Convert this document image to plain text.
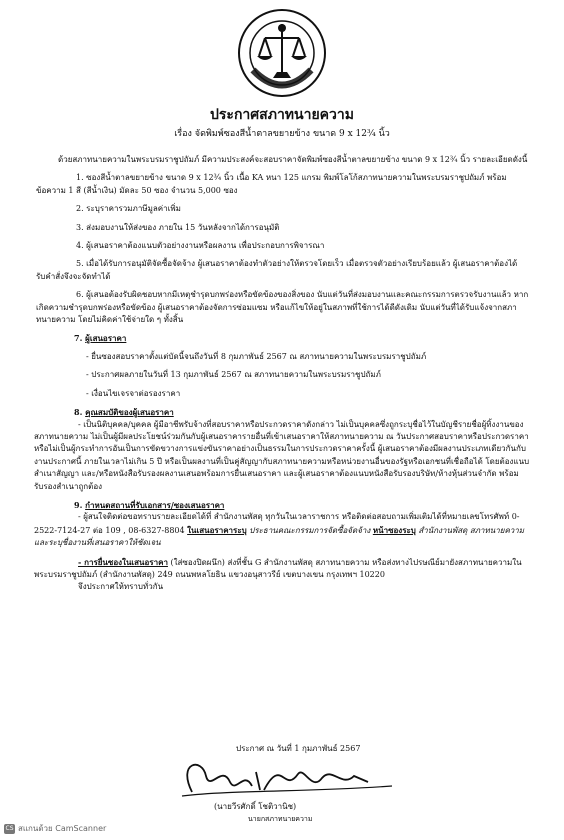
ประกาศสภาทนายความ
เรื่อง จัดพิมพ์ซองสีน้ำตาลขยายข้าง ขนาด 9 x 12¾ นิ้ว

ด้วยสภาทนายความในพระบรมราชูปถัมภ์ มีความประสงค์จะสอบราคาจัดพิมพ์ซองสีน้ำตาลขยายข้าง ขนาด 9 x 12¾ นิ้ว รายละเอียดดังนี้

1. ซองสีน้ำตาลขยายข้าง ขนาด 9 x 12¾ นิ้ว เนื้อ KA หนา 125 แกรม พิมพ์โลโก้สภาทนายความในพระบรมราชูปถัมภ์ พร้อมข้อความ 1 สี (สีน้ำเงิน) มัดละ 50 ซอง จำนวน 5,000 ซอง

2. ระบุราคารวมภาษีมูลค่าเพิ่ม

3. ส่งมอบงานให้ส่งของ ภายใน 15 วันหลังจากได้การอนุมัติ

4. ผู้เสนอราคาต้องแนบตัวอย่างงานหรือผลงาน เพื่อประกอบการพิจารณา

5. เมื่อได้รับการอนุมัติจัดซื้อจัดจ้าง ผู้เสนอราคาต้องทำตัวอย่างให้ตรวจโดยเร็ว เมื่อตรวจตัวอย่างเรียบร้อยแล้ว ผู้เสนอราคาต้องได้รับคำสั่งจึงจะจัดทำได้

6. ผู้เสนอต้องรับผิดชอบหากมีเหตุชำรุดบกพร่องหรือขัดข้องของสิ่งของ นับแต่วันที่ส่งมอบงานและคณะกรรมการตรวจรับงานแล้ว หากเกิดความชำรุดบกพร่องหรือขัดข้อง ผู้เสนอราคาต้องจัดการซ่อมแซม หรือแก้ไขให้อยู่ในสภาพที่ใช้การได้ดีดังเดิม นับแต่วันที่ได้รับแจ้งจากสภาทนายความ โดยไม่คิดค่าใช้จ่ายใด ๆ ทั้งสิ้น

7. ผู้เสนอราคา

- ยื่นซองสอบราคาตั้งแต่บัดนี้จนถึงวันที่ 8 กุมภาพันธ์ 2567 ณ สภาทนายความในพระบรมราชูปถัมภ์

- ประกาศผลภายในวันที่ 13 กุมภาพันธ์ 2567 ณ สภาทนายความในพระบรมราชูปถัมภ์

- เงื่อนไขเจรจาต่อรองราคา

8. คุณสมบัติของผู้เสนอราคา

- เป็นนิติบุคคล/บุคคล ผู้มีอาชีพรับจ้างที่สอบราคาหรือประกวดราคาดังกล่าว ไม่เป็นบุคคลซึ่งถูกระบุชื่อไว้ในบัญชีรายชื่อผู้ทิ้งงานของสภาทนายความ ไม่เป็นผู้มีผลประโยชน์ร่วมกันกับผู้เสนอราคารายอื่นที่เข้าเสนอราคาให้สภาทนายความ ณ วันประกาศสอบราคาหรือประกวดราคา หรือไม่เป็นผู้กระทำการอันเป็นการขัดขวางการแข่งขันราคาอย่างเป็นธรรมในการประกวดราคาครั้งนี้ ผู้เสนอราคาต้องมีผลงานประเภทเดียวกันกับงานประกาศนี้ ภายในเวลาไม่เกิน 5 ปี หรือเป็นผลงานที่เป็นคู่สัญญากับสภาทนายความหรือหน่วยงานอื่นของรัฐหรือเอกชนที่เชื่อถือได้ โดยต้องแนบสำเนาสัญญา และ/หรือหนังสือรับรองผลงานเสนอพร้อมการยื่นเสนอราคา และผู้เสนอราคาต้องแนบหนังสือรับรองบริษัท/ห้างหุ้นส่วนจำกัด พร้อมรับรองสำเนาถูกต้อง

9. กำหนดสถานที่รับเอกสาร/ซองเสนอราคา

- ผู้สนใจติดต่อขอทราบรายละเอียดได้ที่ สำนักงานพัสดุ ทุกวันในเวลาราชการ หรือติดต่อสอบถามเพิ่มเติมได้ที่หมายเลขโทรศัพท์ 0-2522-7124-27 ต่อ 109 , 08-6327-8804 ในเสนอราคาระบุ ประธานคณะกรรมการจัดซื้อจัดจ้าง หน้าซองระบุ สำนักงานพัสดุ สภาทนายความ และระบุชื่องานที่เสนอราคาให้ชัดเจน

- การยื่นซองในเสนอราคา (ใส่ซองปิดผนึก) ส่งที่ชั้น G สำนักงานพัสดุ สภาทนายความ หรือส่งทางไปรษณีย์มายังสภาทนายความในพระบรมราชูปถัมภ์ (สำนักงานพัสดุ) 249 ถนนพหลโยธิน แขวงอนุสาวรีย์ เขตบางเขน กรุงเทพฯ 10220

จึงประกาศให้ทราบทั่วกัน

ประกาศ ณ วันที่ 1 กุมภาพันธ์ 2567
(นายวีรศักดิ์ โชติวานิช)
นายกสภาทนายความ
CS สแกนด้วย CamScanner
